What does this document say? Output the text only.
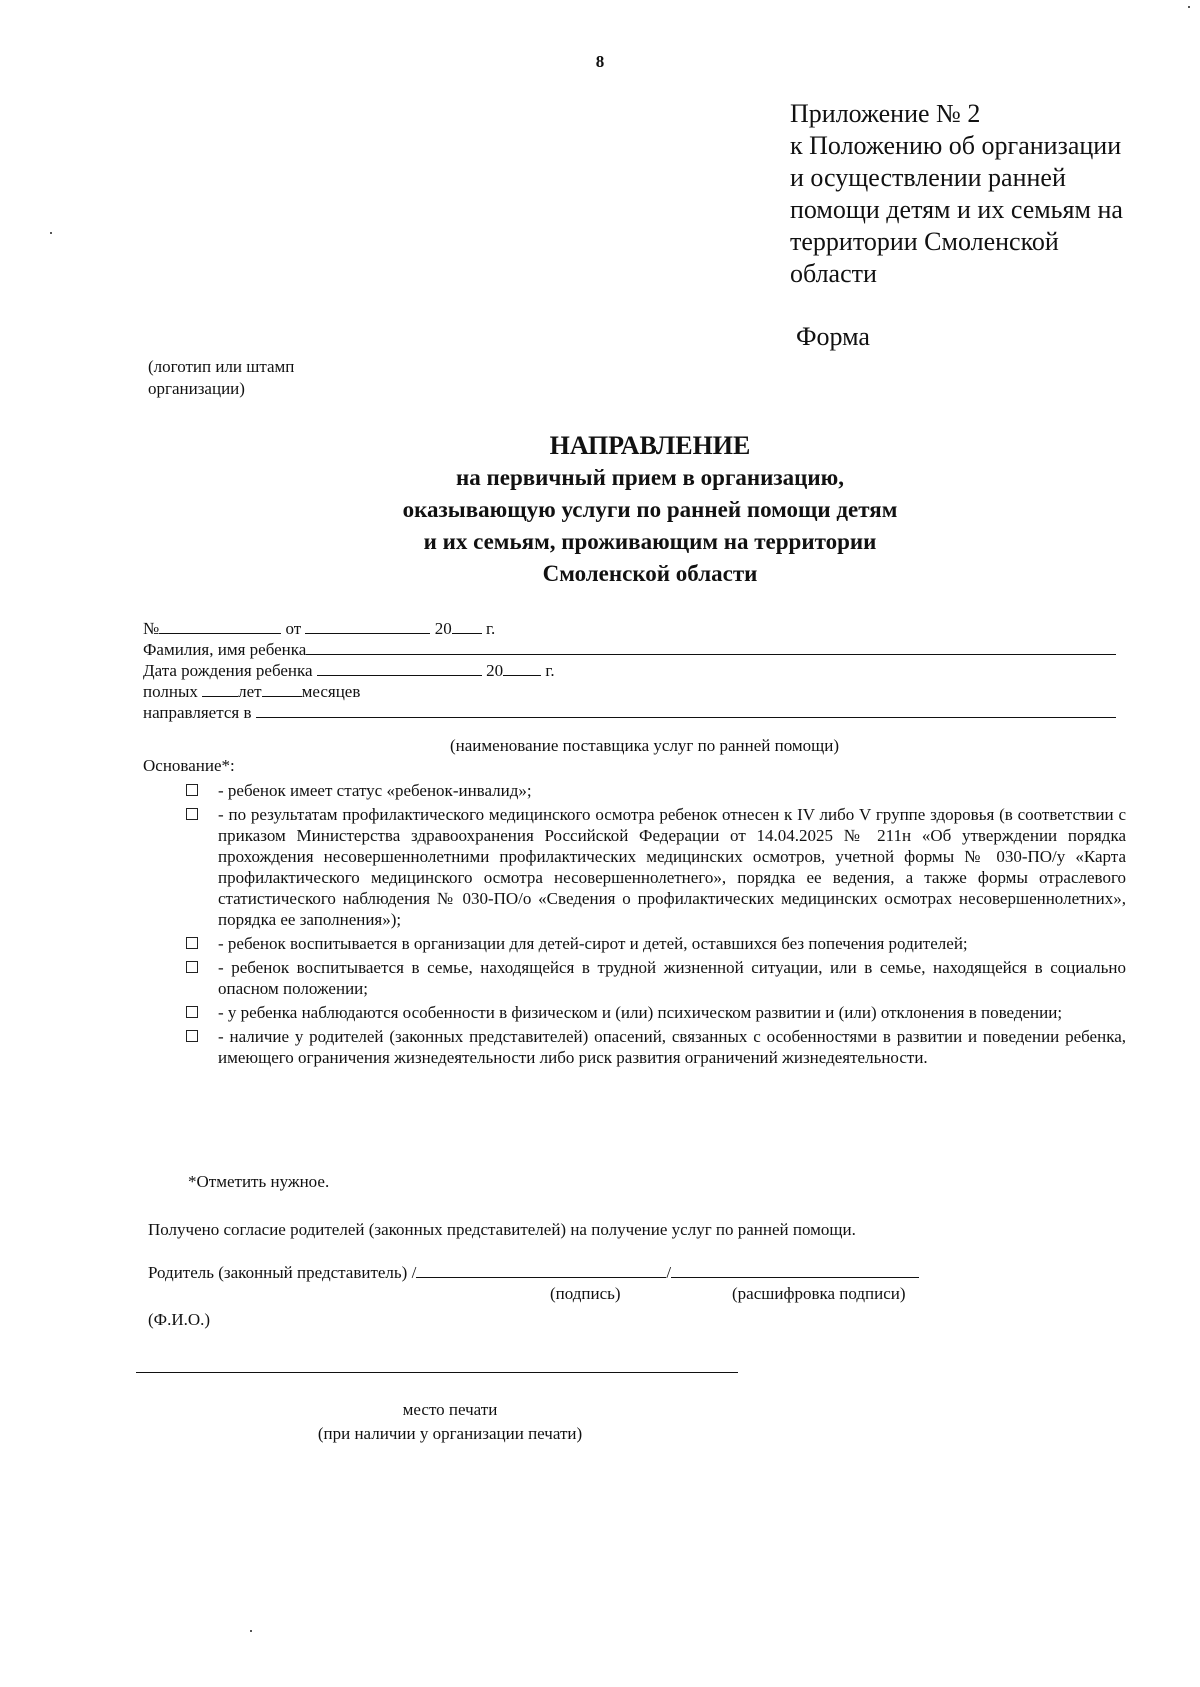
8
Приложение № 2
к Положению об организации
и осуществлении ранней
помощи детям и их семьям на
территории Смоленской
области
Форма
(логотип или штамп
организации)
НАПРАВЛЕНИЕ
на первичный прием в организацию,
оказывающую услуги по ранней помощи детям
и их семьям, проживающим на территории
Смоленской области
№	от	20 г.
Фамилия, имя ребенка
Дата рождения ребенка	20 г.
полных лет месяцев
направляется в
(наименование поставщика услуг по ранней помощи)
Основание*:
- ребенок имеет статус «ребенок-инвалид»;
- по результатам профилактического медицинского осмотра ребенок отнесен к IV либо V группе здоровья (в соответствии с приказом Министерства здравоохранения Российской Федерации от 14.04.2025 № 211н «Об утверждении порядка прохождения несовершеннолетними профилактических медицинских осмотров, учетной формы № 030-ПО/у «Карта профилактического медицинского осмотра несовершеннолетнего», порядка ее ведения, а также формы отраслевого статистического наблюдения № 030-ПО/о «Сведения о профилактических медицинских осмотрах несовершеннолетних», порядка ее заполнения»);
- ребенок воспитывается в организации для детей-сирот и детей, оставшихся без попечения родителей;
- ребенок воспитывается в семье, находящейся в трудной жизненной ситуации, или в семье, находящейся в социально опасном положении;
- у ребенка наблюдаются особенности в физическом и (или) психическом развитии и (или) отклонения в поведении;
- наличие у родителей (законных представителей) опасений, связанных с особенностями в развитии и поведении ребенка, имеющего ограничения жизнедеятельности либо риск развития ограничений жизнедеятельности.
*Отметить нужное.
Получено согласие родителей (законных представителей) на получение услуг по ранней помощи.
Родитель (законный представитель) /	/
(подпись)	(расшифровка подписи)
(Ф.И.О.)
место печати
(при наличии у организации печати)
